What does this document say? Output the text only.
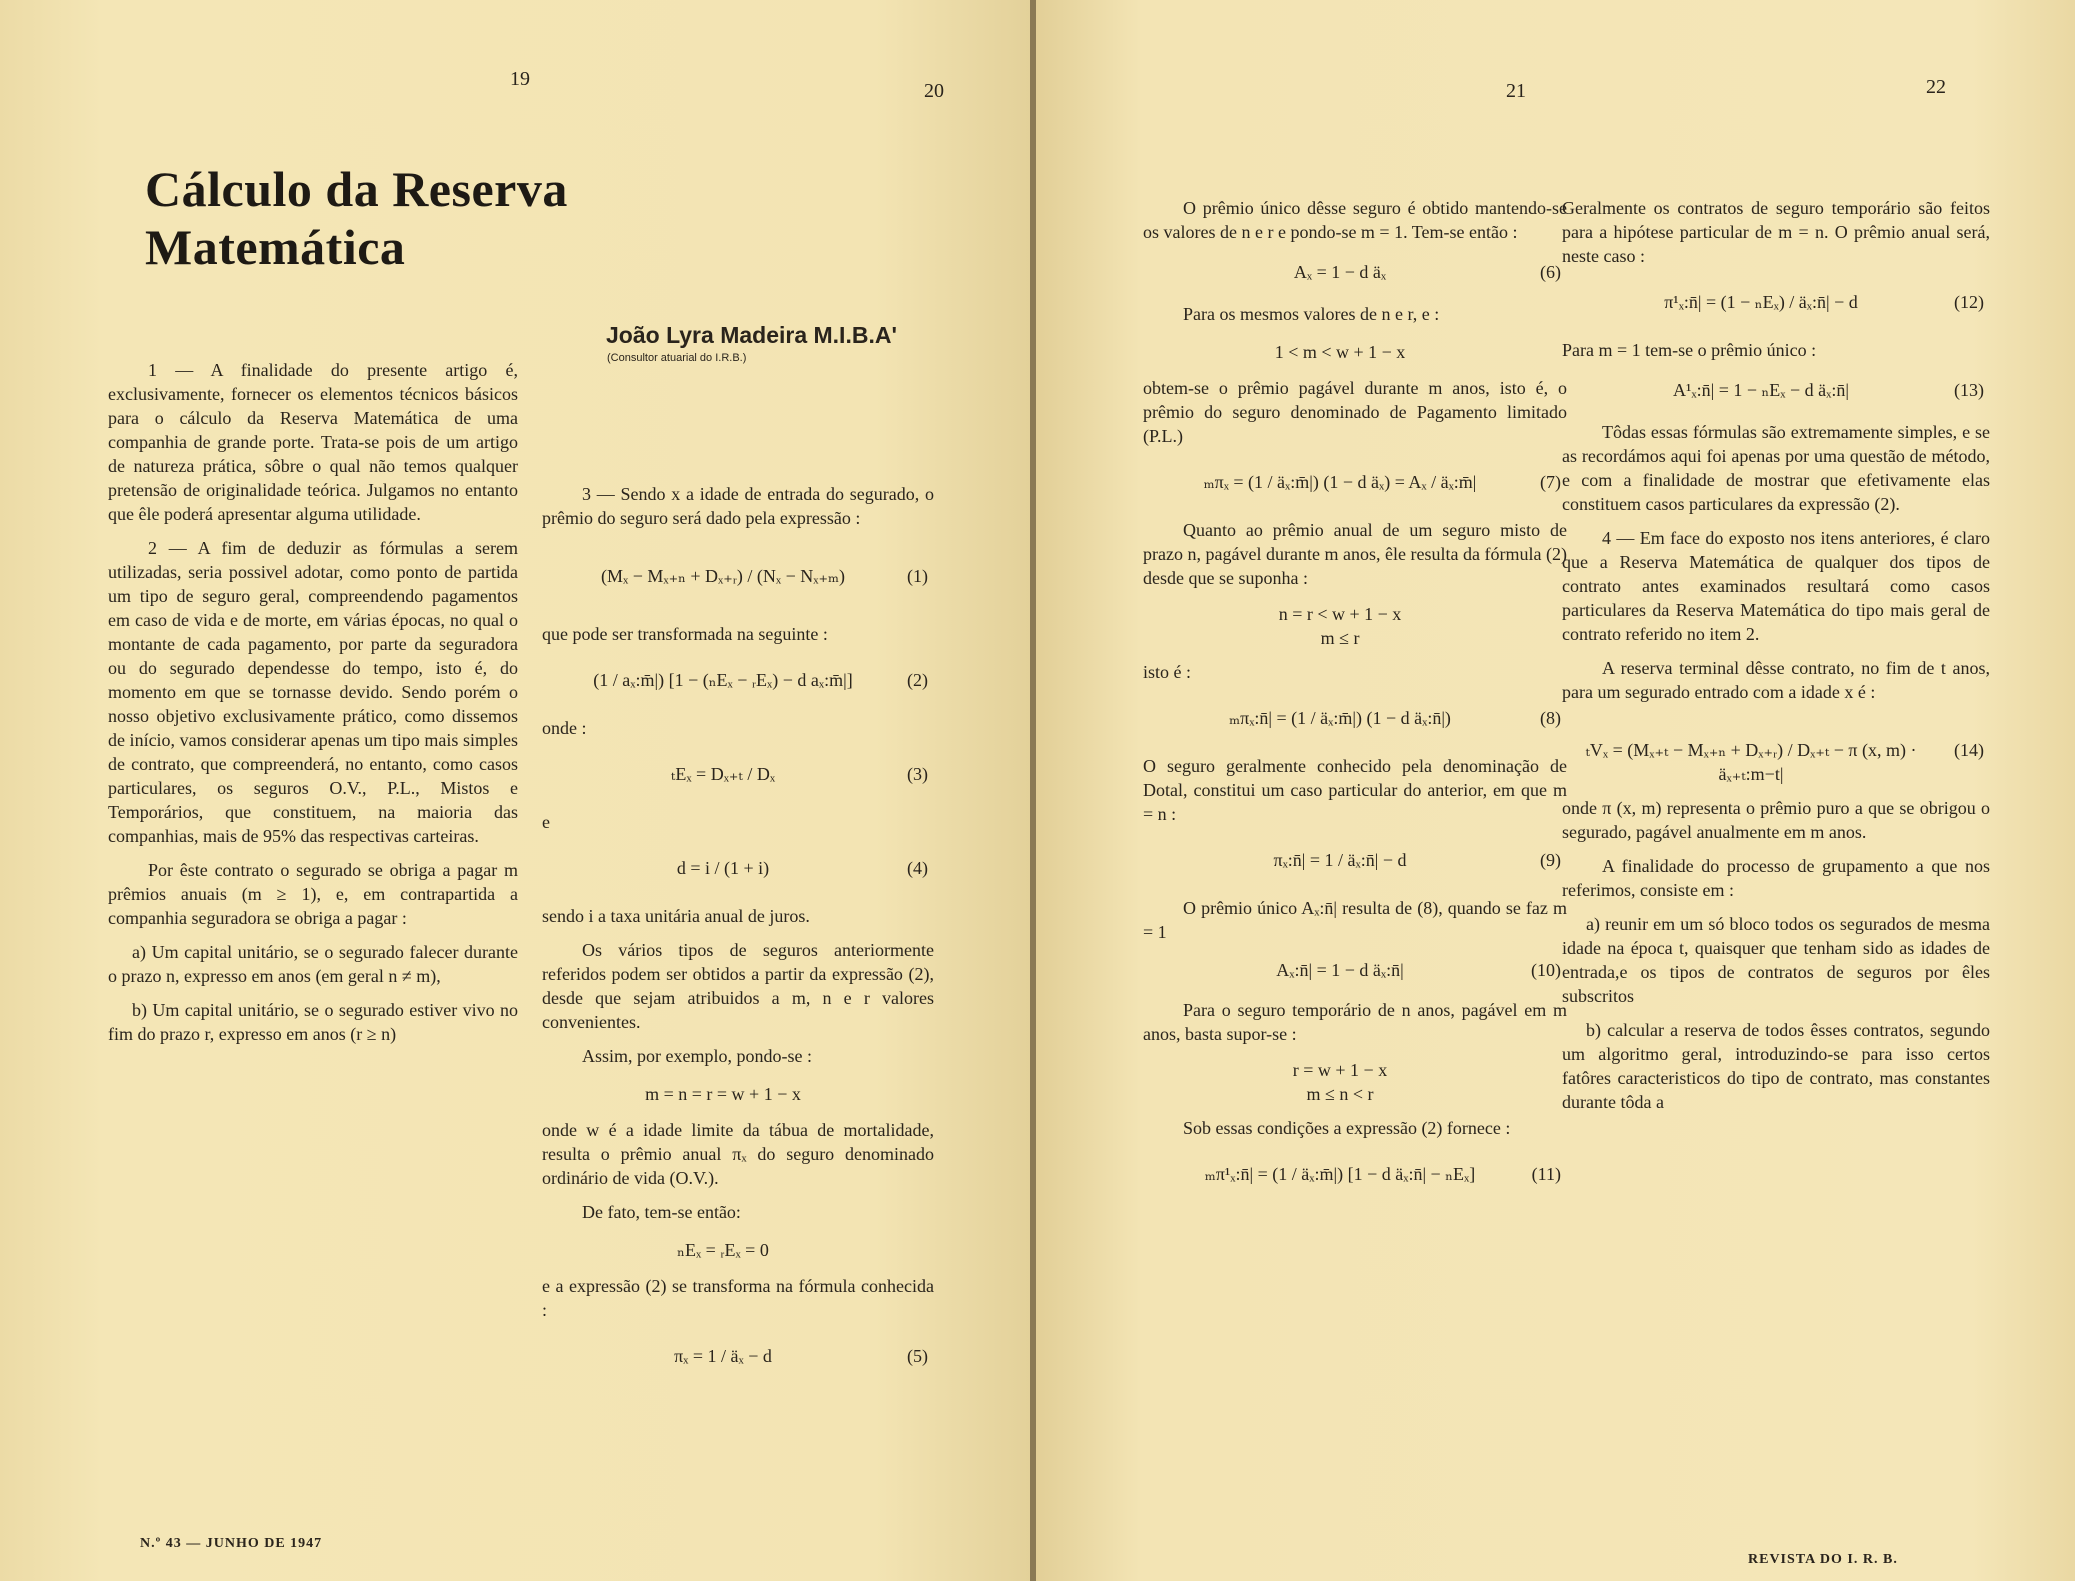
19
20
Cálculo da Reserva Matemática
João Lyra Madeira M.I.B.A'
(Consultor atuarial do I.R.B.)

1 — A finalidade do presente artigo é, exclusivamente, fornecer os elementos técnicos básicos para o cálculo da Reserva Matemática de uma companhia de grande porte. Trata-se pois de um artigo de natureza prática, sôbre o qual não temos qualquer pretensão de originalidade teórica. Julgamos no entanto que êle poderá apresentar alguma utilidade.

2 — A fim de deduzir as fórmulas a serem utilizadas, seria possivel adotar, como ponto de partida um tipo de seguro geral, compreendendo pagamentos em caso de vida e de morte, em várias épocas, no qual o montante de cada pagamento, por parte da seguradora ou do segurado dependesse do tempo, isto é, do momento em que se tornasse devido. Sendo porém o nosso objetivo exclusivamente prático, como dissemos de início, vamos considerar apenas um tipo mais simples de contrato, que compreenderá, no entanto, como casos particulares, os seguros O.V., P.L., Mistos e Temporários, que constituem, na maioria das companhias, mais de 95% das respectivas carteiras.

Por êste contrato o segurado se obriga a pagar m prêmios anuais (m ≥ 1), e, em contrapartida a companhia seguradora se obriga a pagar :

a) Um capital unitário, se o segurado falecer durante o prazo n, expresso em anos (em geral n ≠ m),

b) Um capital unitário, se o segurado estiver vivo no fim do prazo r, expresso em anos (r ≥ n)

3 — Sendo x a idade de entrada do segurado, o prêmio do seguro será dado pela expressão :

(Mₓ − Mₓ₊ₙ + Dₓ₊ᵣ) / (Nₓ − Nₓ₊ₘ)	(1)

que pode ser transformada na seguinte :

(1 / aₓ:m̄|) [1 − (ₙEₓ − ᵣEₓ) − d aₓ:m̄|]	(2)

onde :

ₜEₓ = Dₓ₊ₜ / Dₓ	(3)

e

d = i / (1 + i)	(4)

sendo i a taxa unitária anual de juros.

Os vários tipos de seguros anteriormente referidos podem ser obtidos a partir da expressão (2), desde que sejam atribuidos a m, n e r valores convenientes.

Assim, por exemplo, pondo-se :

m = n = r = w + 1 − x

onde w é a idade limite da tábua de mortalidade, resulta o prêmio anual πₓ do seguro denominado ordinário de vida (O.V.).

De fato, tem-se então:

ₙEₓ = ᵣEₓ = 0

e a expressão (2) se transforma na fórmula conhecida :

πₓ = 1 / äₓ − d	(5)
N.º 43 — JUNHO DE 1947
21	22

O prêmio único dêsse seguro é obtido mantendo-se os valores de n e r e pondo-se m = 1. Tem-se então :

Aₓ = 1 − d äₓ	(6)

Para os mesmos valores de n e r, e :

1 < m < w + 1 − x

obtem-se o prêmio pagável durante m anos, isto é, o prêmio do seguro denominado de Pagamento limitado (P.L.)

ₘπₓ = (1 / äₓ:m̄|) (1 − d äₓ) = Aₓ / äₓ:m̄|	(7)

Quanto ao prêmio anual de um seguro misto de prazo n, pagável durante m anos, êle resulta da fórmula (2) desde que se suponha :

n = r < w + 1 − x
m ≤ r

isto é :

ₘπₓ:n̄| = (1 / äₓ:m̄|) (1 − d äₓ:n̄|)	(8)

O seguro geralmente conhecido pela denominação de Dotal, constitui um caso particular do anterior, em que m = n :

πₓ:n̄| = 1 / äₓ:n̄| − d	(9)

O prêmio único Aₓ:n̄| resulta de (8), quando se faz m = 1

Aₓ:n̄| = 1 − d äₓ:n̄|	(10)

Para o seguro temporário de n anos, pagável em m anos, basta supor-se :

r = w + 1 − x
m ≤ n < r

Sob essas condições a expressão (2) fornece :

ₘπ¹ₓ:n̄| = (1 / äₓ:m̄|) [1 − d äₓ:n̄| − ₙEₓ]	(11)

Geralmente os contratos de seguro temporário são feitos para a hipótese particular de m = n. O prêmio anual será, neste caso :

π¹ₓ:n̄| = (1 − ₙEₓ) / äₓ:n̄| − d	(12)

Para m = 1 tem-se o prêmio único :

A¹ₓ:n̄| = 1 − ₙEₓ − d äₓ:n̄|	(13)

Tôdas essas fórmulas são extremamente simples, e se as recordámos aqui foi apenas por uma questão de método, e com a finalidade de mostrar que efetivamente elas constituem casos particulares da expressão (2).

4 — Em face do exposto nos itens anteriores, é claro que a Reserva Matemática de qualquer dos tipos de contrato antes examinados resultará como casos particulares da Reserva Matemática do tipo mais geral de contrato referido no item 2.

A reserva terminal dêsse contrato, no fim de t anos, para um segurado entrado com a idade x é :

ₜVₓ = (Mₓ₊ₜ − Mₓ₊ₙ + Dₓ₊ᵣ) / Dₓ₊ₜ − π (x, m) · äₓ₊ₜ:m−t|
(14)

onde π (x, m) representa o prêmio puro a que se obrigou o segurado, pagável anualmente em m anos.

A finalidade do processo de grupamento a que nos referimos, consiste em :

a) reunir em um só bloco todos os segurados de mesma idade na época t, quaisquer que tenham sido as idades de entrada,e os tipos de contratos de seguros por êles subscritos

b) calcular a reserva de todos êsses contratos, segundo um algoritmo geral, introduzindo-se para isso certos fatôres caracteristicos do tipo de contrato, mas constantes durante tôda a

REVISTA DO I. R. B.
